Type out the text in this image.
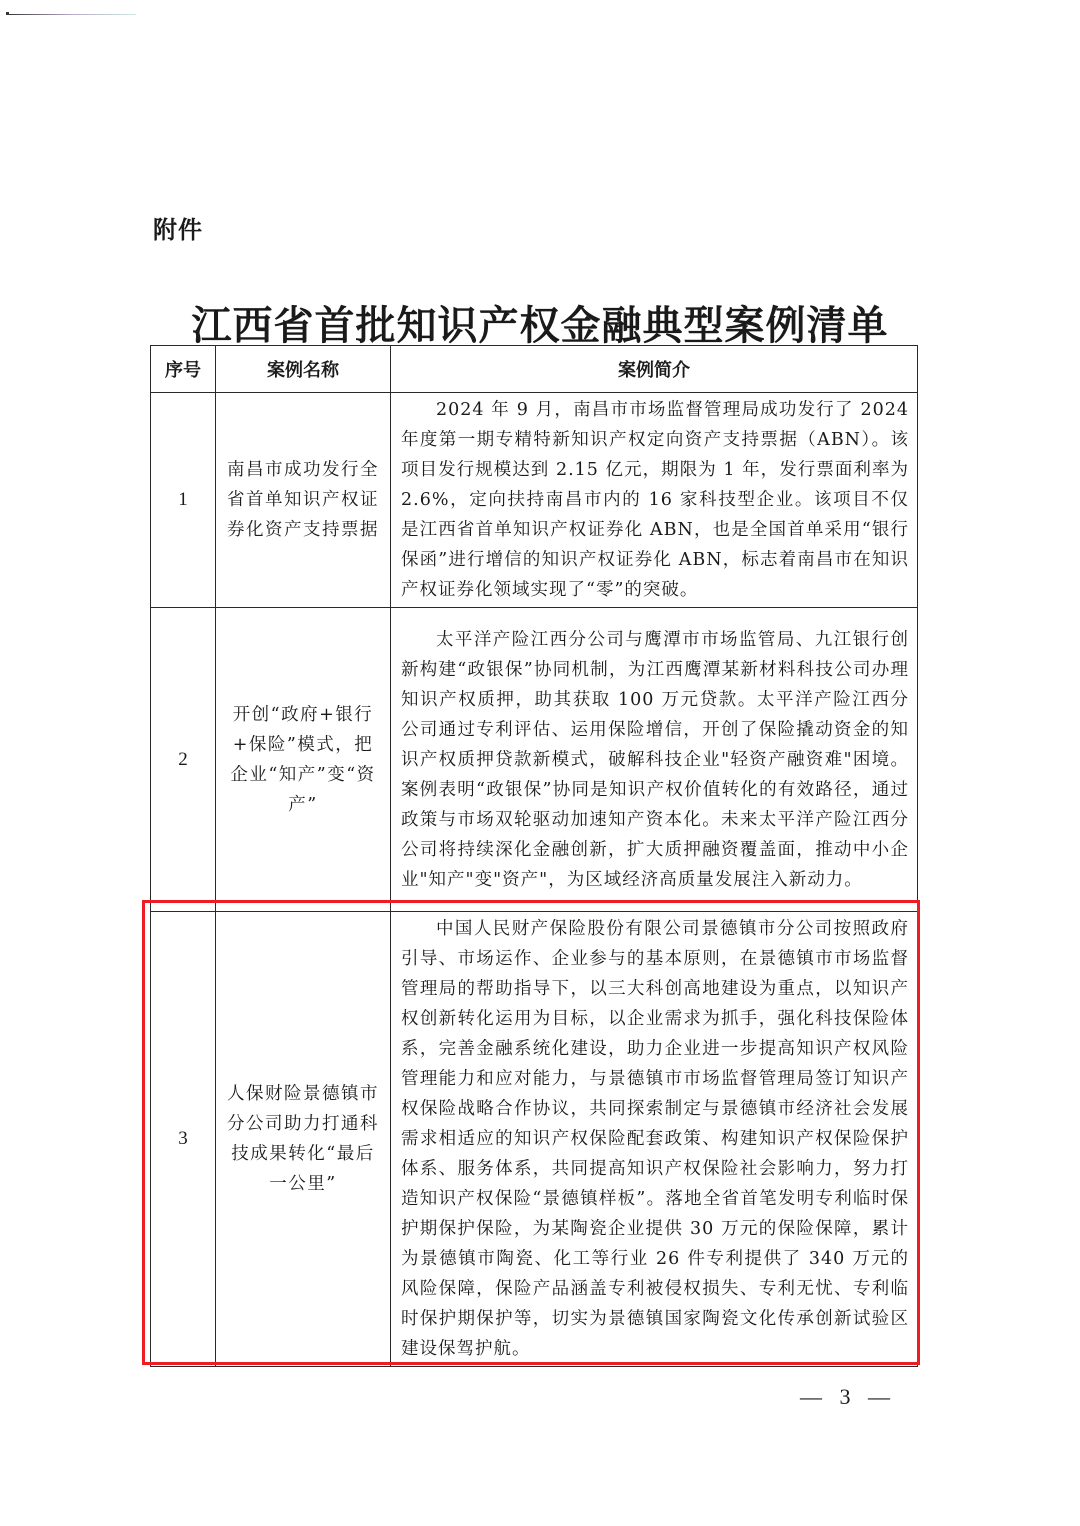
附件
江西省首批知识产权金融典型案例清单
序号	案例名称	案例简介
1	南昌市成功发行全省首单知识产权证券化资产支持票据	2024 年 9 月，南昌市市场监督管理局成功发行了 2024 年度第一期专精特新知识产权定向资产支持票据（ABN）。该项目发行规模达到 2.15 亿元，期限为 1 年，发行票面利率为 2.6%，定向扶持南昌市内的 16 家科技型企业。该项目不仅是江西省首单知识产权证券化 ABN，也是全国首单采用“银行保函”进行增信的知识产权证券化 ABN，标志着南昌市在知识产权证券化领域实现了“零”的突破。
2	开创“政府+银行+保险”模式，把企业“知产”变“资产”	太平洋产险江西分公司与鹰潭市市场监管局、九江银行创新构建“政银保”协同机制，为江西鹰潭某新材料科技公司办理知识产权质押，助其获取 100 万元贷款。太平洋产险江西分公司通过专利评估、运用保险增信，开创了保险撬动资金的知识产权质押贷款新模式，破解科技企业"轻资产融资难"困境。案例表明“政银保”协同是知识产权价值转化的有效路径，通过政策与市场双轮驱动加速知产资本化。未来太平洋产险江西分公司将持续深化金融创新，扩大质押融资覆盖面，推动中小企业"知产"变"资产"，为区域经济高质量发展注入新动力。
3	人保财险景德镇市分公司助力打通科技成果转化“最后一公里”	中国人民财产保险股份有限公司景德镇市分公司按照政府引导、市场运作、企业参与的基本原则，在景德镇市市场监督管理局的帮助指导下，以三大科创高地建设为重点，以知识产权创新转化运用为目标，以企业需求为抓手，强化科技保险体系，完善金融系统化建设，助力企业进一步提高知识产权风险管理能力和应对能力，与景德镇市市场监督管理局签订知识产权保险战略合作协议，共同探索制定与景德镇市经济社会发展需求相适应的知识产权保险配套政策、构建知识产权保险保护体系、服务体系，共同提高知识产权保险社会影响力，努力打造知识产权保险“景德镇样板”。落地全省首笔发明专利临时保护期保护保险，为某陶瓷企业提供 30 万元的保险保障，累计为景德镇市陶瓷、化工等行业 26 件专利提供了 340 万元的风险保障，保险产品涵盖专利被侵权损失、专利无忧、专利临时保护期保护等，切实为景德镇国家陶瓷文化传承创新试验区建设保驾护航。
— 3 —
